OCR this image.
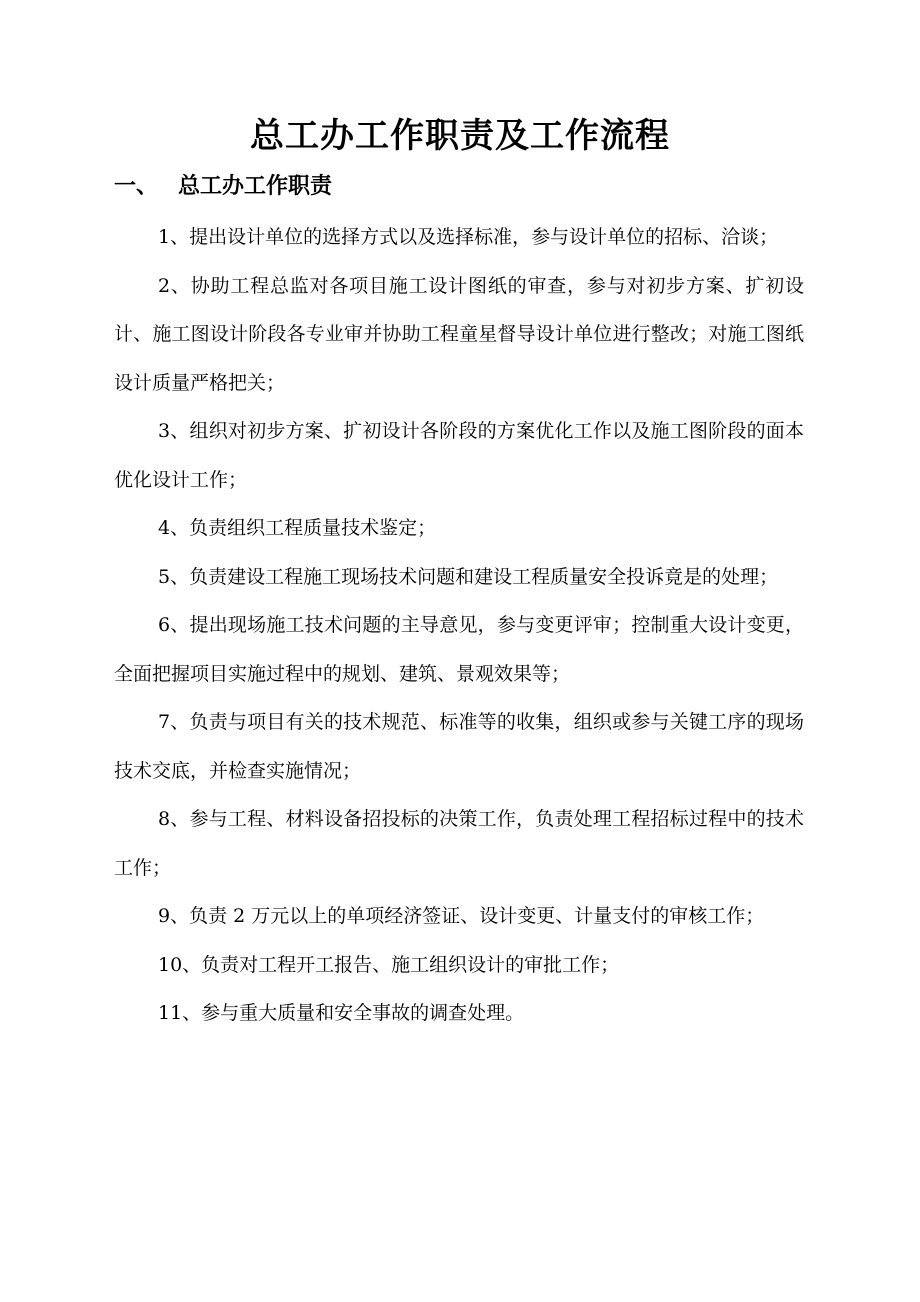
总工办工作职责及工作流程
一、 总工办工作职责

1、提出设计单位的选择方式以及选择标准，参与设计单位的招标、洽谈；

2、协助工程总监对各项目施工设计图纸的审查，参与对初步方案、扩初设计、施工图设计阶段各专业审并协助工程童星督导设计单位进行整改；对施工图纸设计质量严格把关；

3、组织对初步方案、扩初设计各阶段的方案优化工作以及施工图阶段的面本优化设计工作；

4、负责组织工程质量技术鉴定；

5、负责建设工程施工现场技术问题和建设工程质量安全投诉竟是的处理；

6、提出现场施工技术问题的主导意见，参与变更评审；控制重大设计变更，全面把握项目实施过程中的规划、建筑、景观效果等；

7、负责与项目有关的技术规范、标准等的收集，组织或参与关键工序的现场技术交底，并检查实施情况；

8、参与工程、材料设备招投标的决策工作，负责处理工程招标过程中的技术工作；

9、负责 2 万元以上的单项经济签证、设计变更、计量支付的审核工作；

10、负责对工程开工报告、施工组织设计的审批工作；

11、参与重大质量和安全事故的调查处理。
